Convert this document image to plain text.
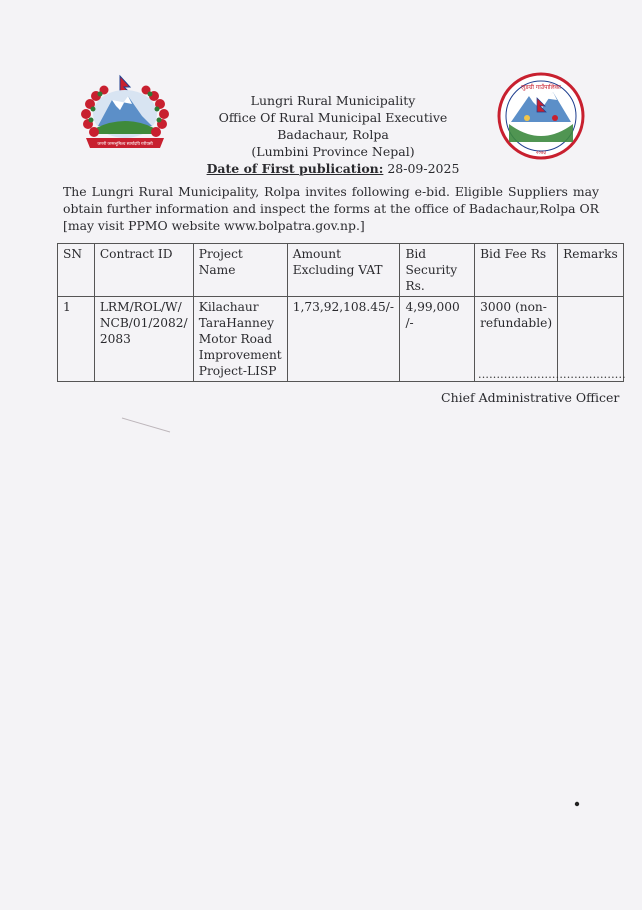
जननी जन्मभूमिश्च स्वर्गादपि गरीयसी
लुङग्री गाउँपालिका
२०७३
Lungri Rural Municipality
Office Of Rural Municipal Executive
Badachaur, Rolpa
(Lumbini Province Nepal)
Date of First publication: 28-09-2025
The Lungri Rural Municipality, Rolpa invites following e-bid. Eligible Suppliers may obtain further information and inspect the forms at the office of Badachaur,Rolpa OR [may visit PPMO website www.bolpatra.gov.np.]
SN	Contract ID	Project Name	Amount Excluding VAT	Bid Security Rs.	Bid Fee Rs	Remarks
1	LRM/ROL/W/ NCB/01/2082/ 2083	Kilachaur TaraHanney Motor Road Improvement Project-LISP	1,73,92,108.45/-	4,99,000 /-	3000 (non-refundable)	
........................................
Chief Administrative Officer
